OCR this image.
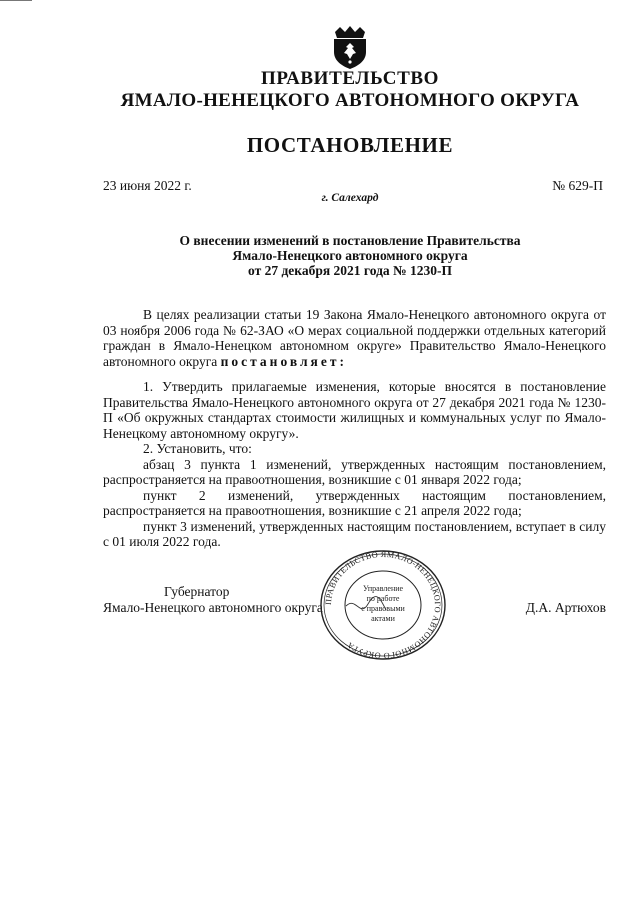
ПРАВИТЕЛЬСТВО
ЯМАЛО-НЕНЕЦКОГО АВТОНОМНОГО ОКРУГА
ПОСТАНОВЛЕНИЕ
23 июня 2022 г.	№ 629-П
г. Салехард
О внесении изменений в постановление Правительства
Ямало-Ненецкого автономного округа
от 27 декабря 2021 года № 1230-П

В целях реализации статьи 19 Закона Ямало-Ненецкого автономного округа от 03 ноября 2006 года № 62-ЗАО «О мерах социальной поддержки отдельных категорий граждан в Ямало-Ненецком автономном округе» Правительство Ямало-Ненецкого автономного округа постановляет:

1. Утвердить прилагаемые изменения, которые вносятся в постановление Правительства Ямало-Ненецкого автономного округа от 27 декабря 2021 года № 1230-П «Об окружных стандартах стоимости жилищных и коммунальных услуг по Ямало-Ненецкому автономному округу».

2. Установить, что:

абзац 3 пункта 1 изменений, утвержденных настоящим постановлением, распространяется на правоотношения, возникшие с 01 января 2022 года;

пункт 2 изменений, утвержденных настоящим постановлением, распространяется на правоотношения, возникшие с 21 апреля 2022 года;

пункт 3 изменений, утвержденных настоящим постановлением, вступает в силу с 01 июля 2022 года.

Губернатор
Ямало-Ненецкого автономного округа	Д.А. Артюхов
ПРАВИТЕЛЬСТВО ЯМАЛО-НЕНЕЦКОГО АВТОНОМНОГО ОКРУГА
Управление
по работе
с правовыми
актами
